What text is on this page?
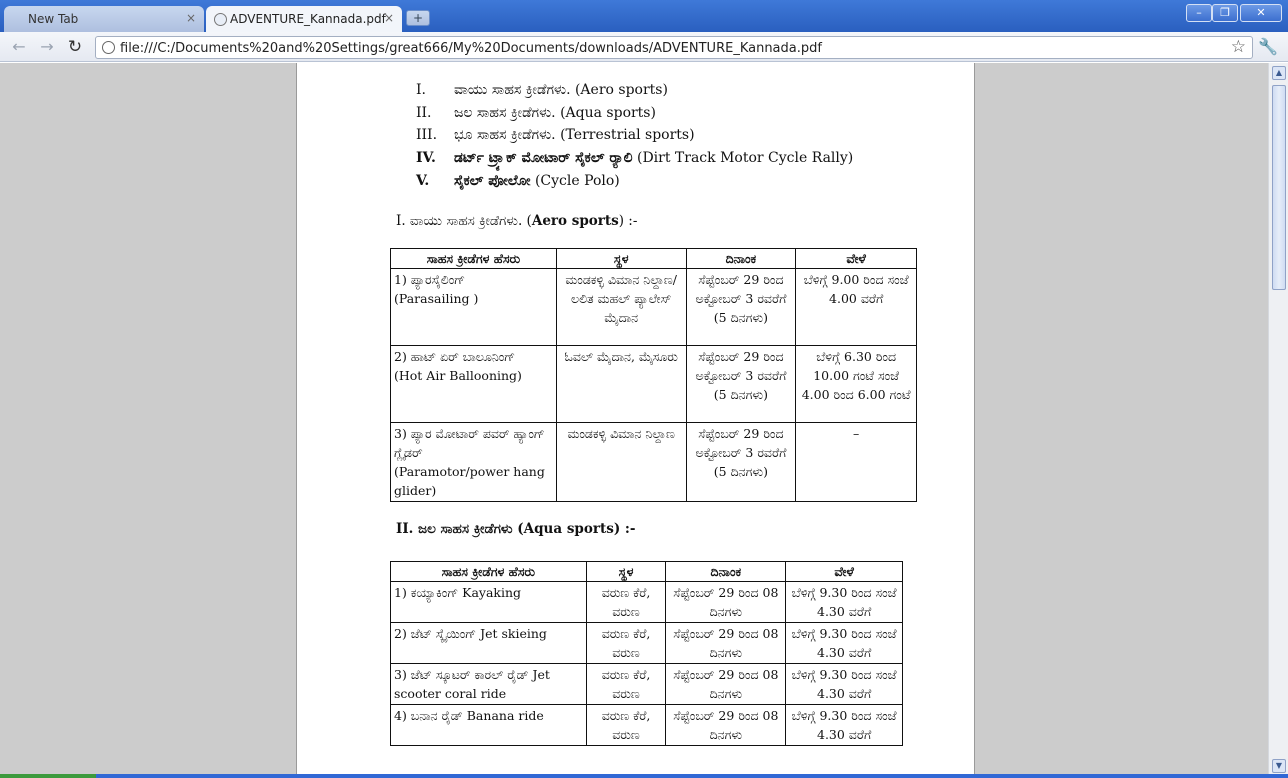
New Tab	×	ADVENTURE_Kannada.pdf
×	+	–	❐	✕
← → ↻
file:///C:/Documents%20and%20Settings/great666/My%20Documents/downloads/ADVENTURE_Kannada.pdf	☆ 🔧
I. ವಾಯು ಸಾಹಸ ಕ್ರೀಡೆಗಳು. (Aero sports)
II. ಜಲ ಸಾಹಸ ಕ್ರೀಡೆಗಳು. (Aqua sports)
III. ಭೂ ಸಾಹಸ ಕ್ರೀಡೆಗಳು. (Terrestrial sports)
IV. ಡರ್ಟ್ ಟ್ರ್ಯಾಕ್ ಮೋಟಾರ್ ಸೈಕಲ್ ರ್‍ಯಾಲಿ (Dirt Track Motor Cycle Rally)
V. ಸೈಕಲ್ ಪೋಲೋ (Cycle Polo)
I. ವಾಯು ಸಾಹಸ ಕ್ರೀಡೆಗಳು. (Aero sports) :-
ಸಾಹಸ ಕ್ರೀಡೆಗಳ ಹೆಸರು	ಸ್ಥಳ	ದಿನಾಂಕ	ವೇಳೆ
1) ಪ್ಯಾರಸೈಲಿಂಗ್
(Parasailing )	ಮಂಡಕಳ್ಳಿ ವಿಮಾನ ನಿಲ್ದಾಣ/ಲಲಿತ ಮಹಲ್ ಪ್ಯಾಲೇಸ್ ಮೈದಾನ	ಸೆಪ್ಟೆಂಬರ್ 29 ರಿಂದ ಅಕ್ಟೋಬರ್ 3 ರವರೆಗೆ (5 ದಿನಗಳು)	ಬೆಳಿಗ್ಗೆ 9.00 ರಿಂದ ಸಂಜೆ 4.00 ವರೆಗೆ
2) ಹಾಟ್ ಏರ್ ಬಾಲೂನಿಂಗ್
(Hot Air Ballooning)	ಓವಲ್ ಮೈದಾನ, ಮೈಸೂರು	ಸೆಪ್ಟೆಂಬರ್ 29 ರಿಂದ ಅಕ್ಟೋಬರ್ 3 ರವರೆಗೆ (5 ದಿನಗಳು)	ಬೆಳಿಗ್ಗೆ 6.30 ರಿಂದ 10.00 ಗಂಟೆ ಸಂಜೆ 4.00 ರಿಂದ 6.00 ಗಂಟೆ
3) ಪ್ಯಾರ ಮೋಟಾರ್ ಪವರ್ ಹ್ಯಾಂಗ್ ಗ್ಲೈಡರ್
(Paramotor/power hang glider)	ಮಂಡಕಳ್ಳಿ ವಿಮಾನ ನಿಲ್ದಾಣ	ಸೆಪ್ಟೆಂಬರ್ 29 ರಿಂದ ಅಕ್ಟೋಬರ್ 3 ರವರೆಗೆ (5 ದಿನಗಳು)	–
II. ಜಲ ಸಾಹಸ ಕ್ರೀಡೆಗಳು (Aqua sports) :-
ಸಾಹಸ ಕ್ರೀಡೆಗಳ ಹೆಸರು	ಸ್ಥಳ	ದಿನಾಂಕ	ವೇಳೆ
1) ಕಯ್ಯಾಕಿಂಗ್ Kayaking	ವರುಣ ಕೆರೆ, ವರುಣ	ಸೆಪ್ಟೆಂಬರ್ 29 ರಿಂದ 08 ದಿನಗಳು	ಬೆಳಿಗ್ಗೆ 9.30 ರಿಂದ ಸಂಜೆ 4.30 ವರೆಗೆ
2) ಜೆಟ್ ಸ್ಕೈಯಿಂಗ್ Jet skieing	ವರುಣ ಕೆರೆ, ವರುಣ	ಸೆಪ್ಟೆಂಬರ್ 29 ರಿಂದ 08 ದಿನಗಳು	ಬೆಳಿಗ್ಗೆ 9.30 ರಿಂದ ಸಂಜೆ 4.30 ವರೆಗೆ
3) ಜೆಟ್ ಸ್ಕೂಟರ್ ಕಾರಲ್ ರೈಡ್ Jet scooter coral ride	ವರುಣ ಕೆರೆ, ವರುಣ	ಸೆಪ್ಟೆಂಬರ್ 29 ರಿಂದ 08 ದಿನಗಳು	ಬೆಳಿಗ್ಗೆ 9.30 ರಿಂದ ಸಂಜೆ 4.30 ವರೆಗೆ
4) ಬನಾನ ರೈಡ್ Banana ride	ವರುಣ ಕೆರೆ, ವರುಣ	ಸೆಪ್ಟೆಂಬರ್ 29 ರಿಂದ 08 ದಿನಗಳು	ಬೆಳಿಗ್ಗೆ 9.30 ರಿಂದ ಸಂಜೆ 4.30 ವರೆಗೆ
▲
▼
